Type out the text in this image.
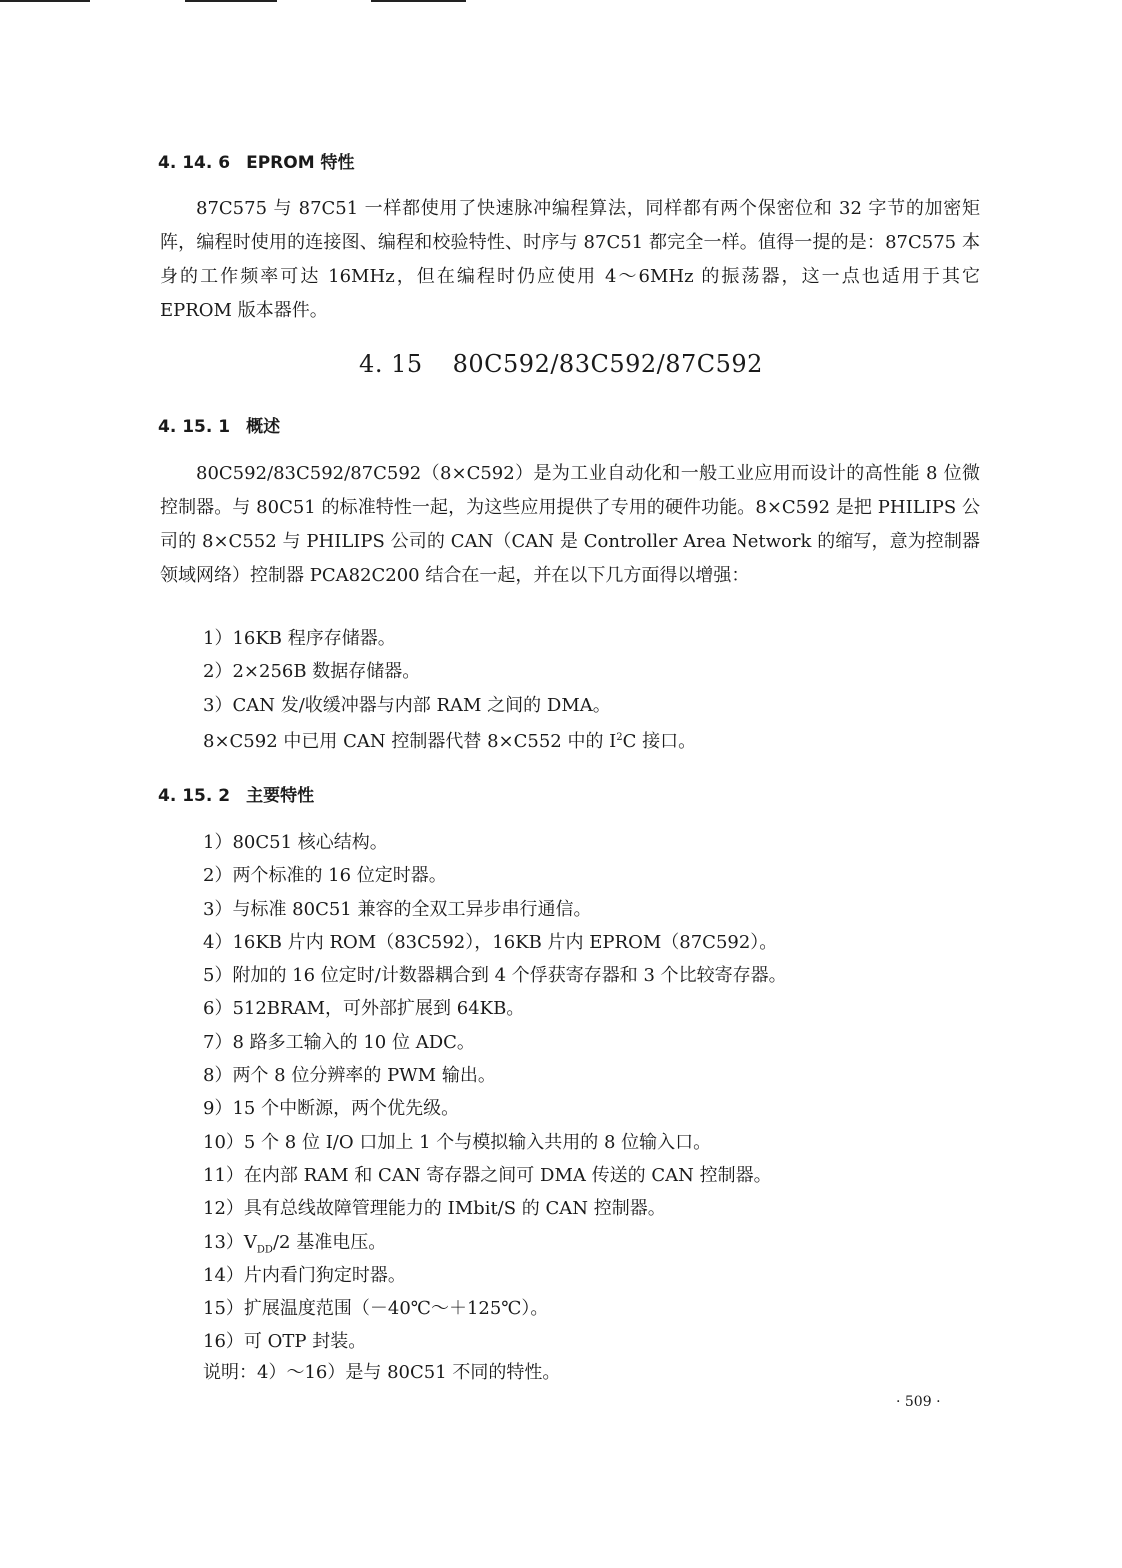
4. 14. 6 EPROM 特性

87C575 与 87C51 一样都使用了快速脉冲编程算法，同样都有两个保密位和 32 字节的加密矩阵，编程时使用的连接图、编程和校验特性、时序与 87C51 都完全一样。值得一提的是：87C575 本身的工作频率可达 16MHz，但在编程时仍应使用 4～6MHz 的振荡器，这一点也适用于其它 EPROM 版本器件。

4. 15 80C592/83C592/87C592
4. 15. 1 概述

80C592/83C592/87C592（8×C592）是为工业自动化和一般工业应用而设计的高性能 8 位微控制器。与 80C51 的标准特性一起，为这些应用提供了专用的硬件功能。8×C592 是把 PHILIPS 公司的 8×C552 与 PHILIPS 公司的 CAN（CAN 是 Controller Area Network 的缩写，意为控制器领域网络）控制器 PCA82C200 结合在一起，并在以下几方面得以增强：

1）16KB 程序存储器。
2）2×256B 数据存储器。
3）CAN 发/收缓冲器与内部 RAM 之间的 DMA。
8×C592 中已用 CAN 控制器代替 8×C552 中的 $I^2C$ 接口。
4. 15. 2 主要特性
1）80C51 核心结构。
2）两个标准的 16 位定时器。
3）与标准 80C51 兼容的全双工异步串行通信。
4）16KB 片内 ROM（83C592），16KB 片内 EPROM（87C592）。
5）附加的 16 位定时/计数器耦合到 4 个俘获寄存器和 3 个比较寄存器。
6）512BRAM，可外部扩展到 64KB。
7）8 路多工输入的 10 位 ADC。
8）两个 8 位分辨率的 PWM 输出。
9）15 个中断源，两个优先级。
10）5 个 8 位 I/O 口加上 1 个与模拟输入共用的 8 位输入口。
11）在内部 RAM 和 CAN 寄存器之间可 DMA 传送的 CAN 控制器。
12）具有总线故障管理能力的 IMbit/S 的 CAN 控制器。
$13)V_{DD}/2$ 基准电压。
14）片内看门狗定时器。
15）扩展温度范围（－40℃～＋125℃）。
16）可 OTP 封装。
说明：4）～16）是与 80C51 不同的特性。
· 509 ·
